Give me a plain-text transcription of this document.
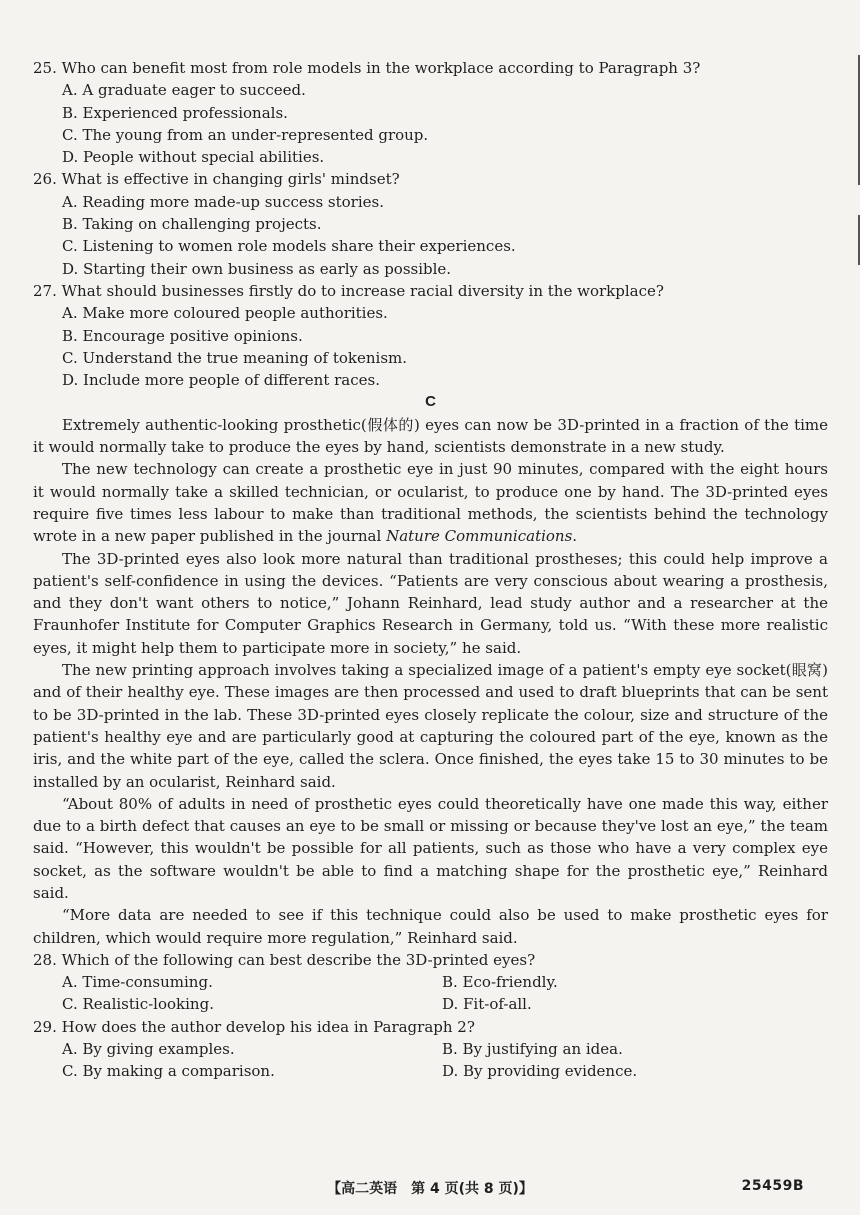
25. Who can benefit most from role models in the workplace according to Paragraph 3?

A. A graduate eager to succeed.

B. Experienced professionals.

C. The young from an under-represented group.

D. People without special abilities.

26. What is effective in changing girls' mindset?

A. Reading more made-up success stories.

B. Taking on challenging projects.

C. Listening to women role models share their experiences.

D. Starting their own business as early as possible.

27. What should businesses firstly do to increase racial diversity in the workplace?

A. Make more coloured people authorities.

B. Encourage positive opinions.

C. Understand the true meaning of tokenism.

D. Include more people of different races.

C

Extremely authentic-looking prosthetic(假体的) eyes can now be 3D-printed in a fraction of the time it would normally take to produce the eyes by hand, scientists demonstrate in a new study.

The new technology can create a prosthetic eye in just 90 minutes, compared with the eight hours it would normally take a skilled technician, or ocularist, to produce one by hand. The 3D-printed eyes require five times less labour to make than traditional methods, the scientists behind the technology wrote in a new paper published in the journal Nature Communications.

The 3D-printed eyes also look more natural than traditional prostheses; this could help improve a patient's self-confidence in using the devices. “Patients are very conscious about wearing a prosthesis, and they don't want others to notice,” Johann Reinhard, lead study author and a researcher at the Fraunhofer Institute for Computer Graphics Research in Germany, told us. “With these more realistic eyes, it might help them to participate more in society,” he said.

The new printing approach involves taking a specialized image of a patient's empty eye socket(眼窝) and of their healthy eye. These images are then processed and used to draft blueprints that can be sent to be 3D-printed in the lab. These 3D-printed eyes closely replicate the colour, size and structure of the patient's healthy eye and are particularly good at capturing the coloured part of the eye, known as the iris, and the white part of the eye, called the sclera. Once finished, the eyes take 15 to 30 minutes to be installed by an ocularist, Reinhard said.

“About 80% of adults in need of prosthetic eyes could theoretically have one made this way, either due to a birth defect that causes an eye to be small or missing or because they've lost an eye,” the team said. “However, this wouldn't be possible for all patients, such as those who have a very complex eye socket, as the software wouldn't be able to find a matching shape for the prosthetic eye,” Reinhard said.

“More data are needed to see if this technique could also be used to make prosthetic eyes for children, which would require more regulation,” Reinhard said.

28. Which of the following can best describe the 3D-printed eyes?

A. Time-consuming.	B. Eco-friendly.
C. Realistic-looking.	D. Fit-of-all.

29. How does the author develop his idea in Paragraph 2?

A. By giving examples.	B. By justifying an idea.
C. By making a comparison.	D. By providing evidence.
【高二英语　第 4 页(共 8 页)】	25459B
